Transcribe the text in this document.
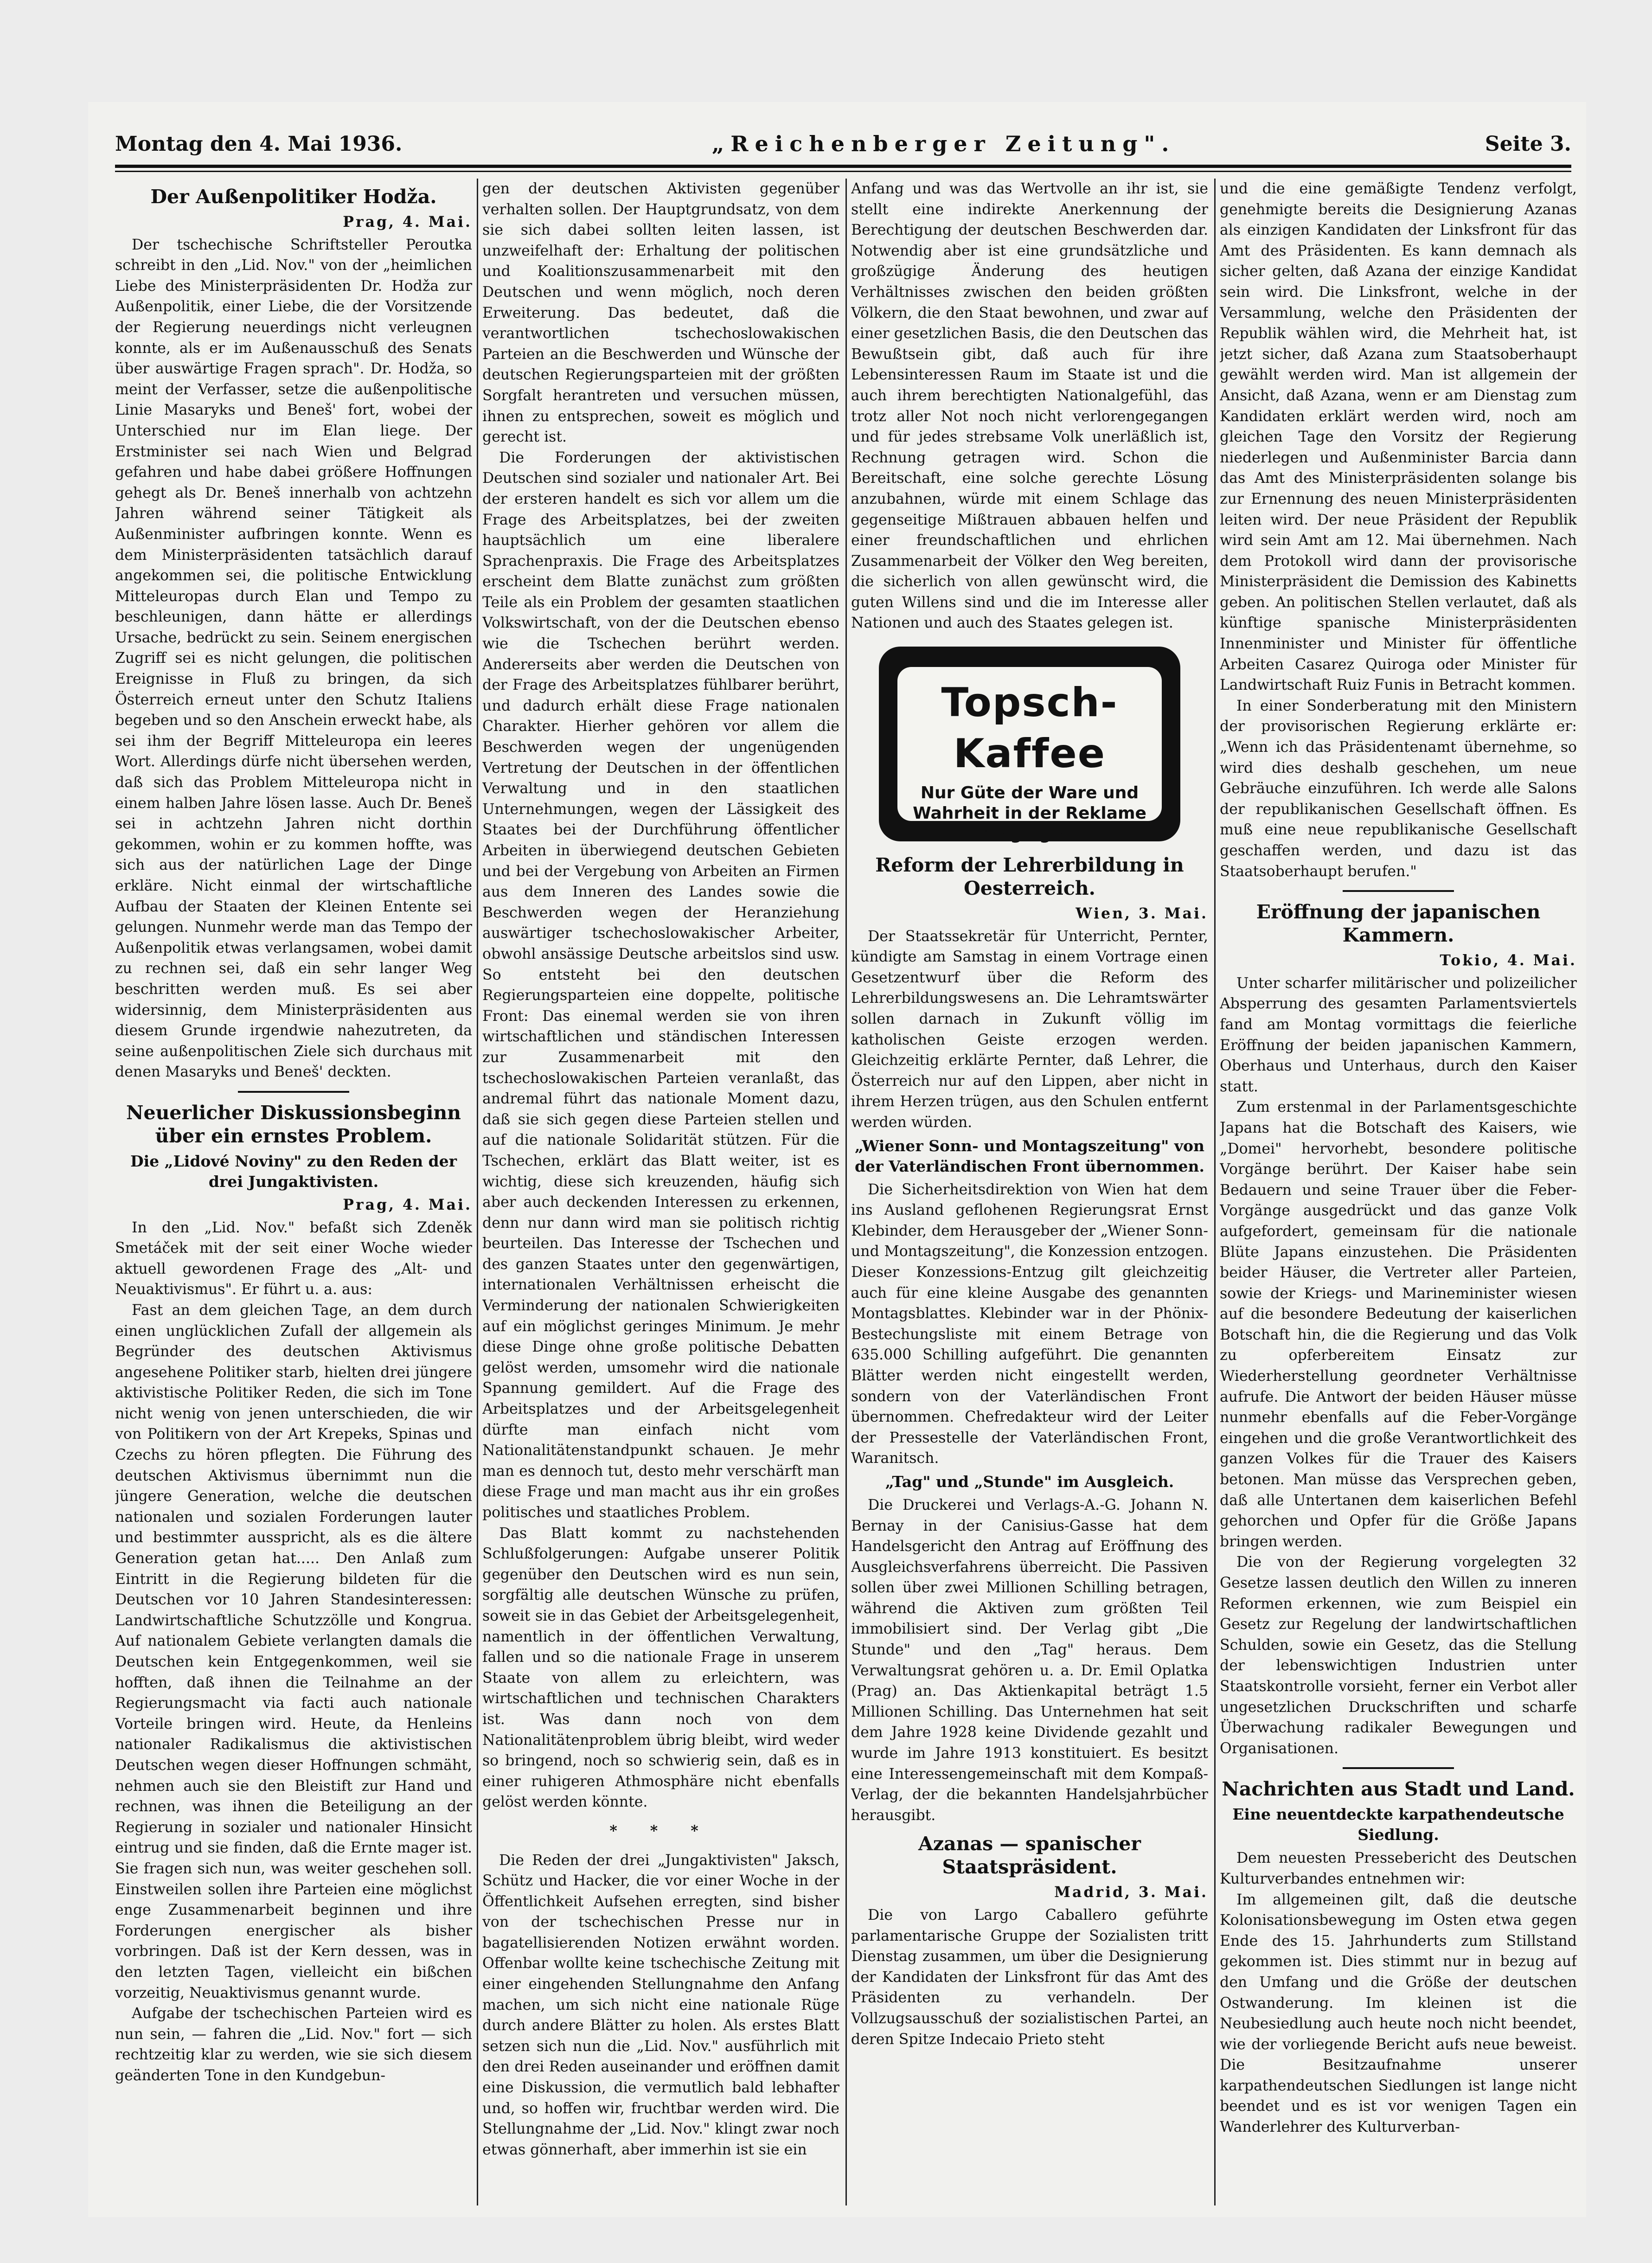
Montag den 4. Mai 1936.	„Reichenberger Zeitung".	Seite 3.
Der Außenpolitiker Hodža.
Prag, 4. Mai.

Der tschechische Schriftsteller Peroutka schreibt in den „Lid. Nov." von der „heimlichen Liebe des Ministerpräsidenten Dr. Hodža zur Außenpolitik, einer Liebe, die der Vorsitzende der Regierung neuerdings nicht verleugnen konnte, als er im Außenausschuß des Senats über auswärtige Fragen sprach". Dr. Hodža, so meint der Verfasser, setze die außenpolitische Linie Masaryks und Beneš' fort, wobei der Unterschied nur im Elan liege. Der Erstminister sei nach Wien und Belgrad gefahren und habe dabei größere Hoffnungen gehegt als Dr. Beneš innerhalb von achtzehn Jahren während seiner Tätigkeit als Außenminister aufbringen konnte. Wenn es dem Ministerpräsidenten tatsächlich darauf angekommen sei, die politische Entwicklung Mitteleuropas durch Elan und Tempo zu beschleunigen, dann hätte er allerdings Ursache, bedrückt zu sein. Seinem energischen Zugriff sei es nicht gelungen, die politischen Ereignisse in Fluß zu bringen, da sich Österreich erneut unter den Schutz Italiens begeben und so den Anschein erweckt habe, als sei ihm der Begriff Mitteleuropa ein leeres Wort. Allerdings dürfe nicht übersehen werden, daß sich das Problem Mitteleuropa nicht in einem halben Jahre lösen lasse. Auch Dr. Beneš sei in achtzehn Jahren nicht dorthin gekommen, wohin er zu kommen hoffte, was sich aus der natürlichen Lage der Dinge erkläre. Nicht einmal der wirtschaftliche Aufbau der Staaten der Kleinen Entente sei gelungen. Nunmehr werde man das Tempo der Außenpolitik etwas verlangsamen, wobei damit zu rechnen sei, daß ein sehr langer Weg beschritten werden muß. Es sei aber widersinnig, dem Ministerpräsidenten aus diesem Grunde irgendwie nahezutreten, da seine außenpolitischen Ziele sich durchaus mit denen Masaryks und Beneš' deckten.

Neuerlicher Diskussionsbeginn über ein ernstes Problem.
Die „Lidové Noviny" zu den Reden der drei Jungaktivisten.
Prag, 4. Mai.

In den „Lid. Nov." befaßt sich Zdeněk Smetáček mit der seit einer Woche wieder aktuell gewordenen Frage des „Alt- und Neuaktivismus". Er führt u. a. aus:

Fast an dem gleichen Tage, an dem durch einen unglücklichen Zufall der allgemein als Begründer des deutschen Aktivismus angesehene Politiker starb, hielten drei jüngere aktivistische Politiker Reden, die sich im Tone nicht wenig von jenen unterschieden, die wir von Politikern von der Art Krepeks, Spinas und Czechs zu hören pflegten. Die Führung des deutschen Aktivismus übernimmt nun die jüngere Generation, welche die deutschen nationalen und sozialen Forderungen lauter und bestimmter ausspricht, als es die ältere Generation getan hat..... Den Anlaß zum Eintritt in die Regierung bildeten für die Deutschen vor 10 Jahren Standesinteressen: Landwirtschaftliche Schutzzölle und Kongrua. Auf nationalem Gebiete verlangten damals die Deutschen kein Entgegenkommen, weil sie hofften, daß ihnen die Teilnahme an der Regierungsmacht via facti auch nationale Vorteile bringen wird. Heute, da Henleins nationaler Radikalismus die aktivistischen Deutschen wegen dieser Hoffnungen schmäht, nehmen auch sie den Bleistift zur Hand und rechnen, was ihnen die Beteiligung an der Regierung in sozialer und nationaler Hinsicht eintrug und sie finden, daß die Ernte mager ist. Sie fragen sich nun, was weiter geschehen soll. Einstweilen sollen ihre Parteien eine möglichst enge Zusammenarbeit beginnen und ihre Forderungen energischer als bisher vorbringen. Daß ist der Kern dessen, was in den letzten Tagen, vielleicht ein bißchen vorzeitig, Neuaktivismus genannt wurde.

Aufgabe der tschechischen Parteien wird es nun sein, — fahren die „Lid. Nov." fort — sich rechtzeitig klar zu werden, wie sie sich diesem geänderten Tone in den Kundgebun-

gen der deutschen Aktivisten gegenüber verhalten sollen. Der Hauptgrundsatz, von dem sie sich dabei sollten leiten lassen, ist unzweifelhaft der: Erhaltung der politischen und Koalitionszusammenarbeit mit den Deutschen und wenn möglich, noch deren Erweiterung. Das bedeutet, daß die verantwortlichen tschechoslowakischen Parteien an die Beschwerden und Wünsche der deutschen Regierungsparteien mit der größten Sorgfalt herantreten und versuchen müssen, ihnen zu entsprechen, soweit es möglich und gerecht ist.

Die Forderungen der aktivistischen Deutschen sind sozialer und nationaler Art. Bei der ersteren handelt es sich vor allem um die Frage des Arbeitsplatzes, bei der zweiten hauptsächlich um eine liberalere Sprachenpraxis. Die Frage des Arbeitsplatzes erscheint dem Blatte zunächst zum größten Teile als ein Problem der gesamten staatlichen Volkswirtschaft, von der die Deutschen ebenso wie die Tschechen berührt werden. Andererseits aber werden die Deutschen von der Frage des Arbeitsplatzes fühlbarer berührt, und dadurch erhält diese Frage nationalen Charakter. Hierher gehören vor allem die Beschwerden wegen der ungenügenden Vertretung der Deutschen in der öffentlichen Verwaltung und in den staatlichen Unternehmungen, wegen der Lässigkeit des Staates bei der Durchführung öffentlicher Arbeiten in überwiegend deutschen Gebieten und bei der Vergebung von Arbeiten an Firmen aus dem Inneren des Landes sowie die Beschwerden wegen der Heranziehung auswärtiger tschechoslowakischer Arbeiter, obwohl ansässige Deutsche arbeitslos sind usw. So entsteht bei den deutschen Regierungsparteien eine doppelte, politische Front: Das einemal werden sie von ihren wirtschaftlichen und ständischen Interessen zur Zusammenarbeit mit den tschechoslowakischen Parteien veranlaßt, das andremal führt das nationale Moment dazu, daß sie sich gegen diese Parteien stellen und auf die nationale Solidarität stützen. Für die Tschechen, erklärt das Blatt weiter, ist es wichtig, diese sich kreuzenden, häufig sich aber auch deckenden Interessen zu erkennen, denn nur dann wird man sie politisch richtig beurteilen. Das Interesse der Tschechen und des ganzen Staates unter den gegenwärtigen, internationalen Verhältnissen erheischt die Verminderung der nationalen Schwierigkeiten auf ein möglichst geringes Minimum. Je mehr diese Dinge ohne große politische Debatten gelöst werden, umsomehr wird die nationale Spannung gemildert. Auf die Frage des Arbeitsplatzes und der Arbeitsgelegenheit dürfte man einfach nicht vom Nationalitätenstandpunkt schauen. Je mehr man es dennoch tut, desto mehr verschärft man diese Frage und man macht aus ihr ein großes politisches und staatliches Problem.

Das Blatt kommt zu nachstehenden Schlußfolgerungen: Aufgabe unserer Politik gegenüber den Deutschen wird es nun sein, sorgfältig alle deutschen Wünsche zu prüfen, soweit sie in das Gebiet der Arbeitsgelegenheit, namentlich in der öffentlichen Verwaltung, fallen und so die nationale Frage in unserem Staate von allem zu erleichtern, was wirtschaftlichen und technischen Charakters ist. Was dann noch von dem Nationalitätenproblem übrig bleibt, wird weder so bringend, noch so schwierig sein, daß es in einer ruhigeren Athmosphäre nicht ebenfalls gelöst werden könnte.

* * *

Die Reden der drei „Jungaktivisten" Jaksch, Schütz und Hacker, die vor einer Woche in der Öffentlichkeit Aufsehen erregten, sind bisher von der tschechischen Presse nur in bagatellisierenden Notizen erwähnt worden. Offenbar wollte keine tschechische Zeitung mit einer eingehenden Stellungnahme den Anfang machen, um sich nicht eine nationale Rüge durch andere Blätter zu holen. Als erstes Blatt setzen sich nun die „Lid. Nov." ausführlich mit den drei Reden auseinander und eröffnen damit eine Diskussion, die vermutlich bald lebhafter und, so hoffen wir, fruchtbar werden wird. Die Stellungnahme der „Lid. Nov." klingt zwar noch etwas gönnerhaft, aber immerhin ist sie ein

Anfang und was das Wertvolle an ihr ist, sie stellt eine indirekte Anerkennung der Berechtigung der deutschen Beschwerden dar. Notwendig aber ist eine grundsätzliche und großzügige Änderung des heutigen Verhältnisses zwischen den beiden größten Völkern, die den Staat bewohnen, und zwar auf einer gesetzlichen Basis, die den Deutschen das Bewußtsein gibt, daß auch für ihre Lebensinteressen Raum im Staate ist und die auch ihrem berechtigten Nationalgefühl, das trotz aller Not noch nicht verlorengegangen und für jedes strebsame Volk unerläßlich ist, Rechnung getragen wird. Schon die Bereitschaft, eine solche gerechte Lösung anzubahnen, würde mit einem Schlage das gegenseitige Mißtrauen abbauen helfen und einer freundschaftlichen und ehrlichen Zusammenarbeit der Völker den Weg bereiten, die sicherlich von allen gewünscht wird, die guten Willens sind und die im Interesse aller Nationen und auch des Staates gelegen ist.

Topsch-Kaffee
Nur Güte der Ware und Wahrheit in der Reklame hat Erfolge gebracht.
Reform der Lehrerbildung in Oesterreich.
Wien, 3. Mai.

Der Staatssekretär für Unterricht, Pernter, kündigte am Samstag in einem Vortrage einen Gesetzentwurf über die Reform des Lehrerbildungswesens an. Die Lehramtswärter sollen darnach in Zukunft völlig im katholischen Geiste erzogen werden. Gleichzeitig erklärte Pernter, daß Lehrer, die Österreich nur auf den Lippen, aber nicht in ihrem Herzen trügen, aus den Schulen entfernt werden würden.

„Wiener Sonn- und Montagszeitung" von der Vaterländischen Front übernommen.

Die Sicherheitsdirektion von Wien hat dem ins Ausland geflohenen Regierungsrat Ernst Klebinder, dem Herausgeber der „Wiener Sonn- und Montagszeitung", die Konzession entzogen. Dieser Konzessions-Entzug gilt gleichzeitig auch für eine kleine Ausgabe des genannten Montagsblattes. Klebinder war in der Phönix-Bestechungsliste mit einem Betrage von 635.000 Schilling aufgeführt. Die genannten Blätter werden nicht eingestellt werden, sondern von der Vaterländischen Front übernommen. Chefredakteur wird der Leiter der Pressestelle der Vaterländischen Front, Waranitsch.

„Tag" und „Stunde" im Ausgleich.

Die Druckerei und Verlags-A.-G. Johann N. Bernay in der Canisius-Gasse hat dem Handelsgericht den Antrag auf Eröffnung des Ausgleichsverfahrens überreicht. Die Passiven sollen über zwei Millionen Schilling betragen, während die Aktiven zum größten Teil immobilisiert sind. Der Verlag gibt „Die Stunde" und den „Tag" heraus. Dem Verwaltungsrat gehören u. a. Dr. Emil Oplatka (Prag) an. Das Aktienkapital beträgt 1.5 Millionen Schilling. Das Unternehmen hat seit dem Jahre 1928 keine Dividende gezahlt und wurde im Jahre 1913 konstituiert. Es besitzt eine Interessengemeinschaft mit dem Kompaß-Verlag, der die bekannten Handelsjahrbücher herausgibt.

Azanas — spanischer Staatspräsident.
Madrid, 3. Mai.

Die von Largo Caballero geführte parlamentarische Gruppe der Sozialisten tritt Dienstag zusammen, um über die Designierung der Kandidaten der Linksfront für das Amt des Präsidenten zu verhandeln. Der Vollzugsausschuß der sozialistischen Partei, an deren Spitze Indecaio Prieto steht

und die eine gemäßigte Tendenz verfolgt, genehmigte bereits die Designierung Azanas als einzigen Kandidaten der Linksfront für das Amt des Präsidenten. Es kann demnach als sicher gelten, daß Azana der einzige Kandidat sein wird. Die Linksfront, welche in der Versammlung, welche den Präsidenten der Republik wählen wird, die Mehrheit hat, ist jetzt sicher, daß Azana zum Staatsoberhaupt gewählt werden wird. Man ist allgemein der Ansicht, daß Azana, wenn er am Dienstag zum Kandidaten erklärt werden wird, noch am gleichen Tage den Vorsitz der Regierung niederlegen und Außenminister Barcia dann das Amt des Ministerpräsidenten solange bis zur Ernennung des neuen Ministerpräsidenten leiten wird. Der neue Präsident der Republik wird sein Amt am 12. Mai übernehmen. Nach dem Protokoll wird dann der provisorische Ministerpräsident die Demission des Kabinetts geben. An politischen Stellen verlautet, daß als künftige spanische Ministerpräsidenten Innenminister und Minister für öffentliche Arbeiten Casarez Quiroga oder Minister für Landwirtschaft Ruiz Funis in Betracht kommen.

In einer Sonderberatung mit den Ministern der provisorischen Regierung erklärte er: „Wenn ich das Präsidentenamt übernehme, so wird dies deshalb geschehen, um neue Gebräuche einzuführen. Ich werde alle Salons der republikanischen Gesellschaft öffnen. Es muß eine neue republikanische Gesellschaft geschaffen werden, und dazu ist das Staatsoberhaupt berufen."

Eröffnung der japanischen Kammern.
Tokio, 4. Mai.

Unter scharfer militärischer und polizeilicher Absperrung des gesamten Parlamentsviertels fand am Montag vormittags die feierliche Eröffnung der beiden japanischen Kammern, Oberhaus und Unterhaus, durch den Kaiser statt.

Zum erstenmal in der Parlamentsgeschichte Japans hat die Botschaft des Kaisers, wie „Domei" hervorhebt, besondere politische Vorgänge berührt. Der Kaiser habe sein Bedauern und seine Trauer über die Feber-Vorgänge ausgedrückt und das ganze Volk aufgefordert, gemeinsam für die nationale Blüte Japans einzustehen. Die Präsidenten beider Häuser, die Vertreter aller Parteien, sowie der Kriegs- und Marineminister wiesen auf die besondere Bedeutung der kaiserlichen Botschaft hin, die die Regierung und das Volk zu opferbereitem Einsatz zur Wiederherstellung geordneter Verhältnisse aufrufe. Die Antwort der beiden Häuser müsse nunmehr ebenfalls auf die Feber-Vorgänge eingehen und die große Verantwortlichkeit des ganzen Volkes für die Trauer des Kaisers betonen. Man müsse das Versprechen geben, daß alle Untertanen dem kaiserlichen Befehl gehorchen und Opfer für die Größe Japans bringen werden.

Die von der Regierung vorgelegten 32 Gesetze lassen deutlich den Willen zu inneren Reformen erkennen, wie zum Beispiel ein Gesetz zur Regelung der landwirtschaftlichen Schulden, sowie ein Gesetz, das die Stellung der lebenswichtigen Industrien unter Staatskontrolle vorsieht, ferner ein Verbot aller ungesetzlichen Druckschriften und scharfe Überwachung radikaler Bewegungen und Organisationen.

Nachrichten aus Stadt und Land.
Eine neuentdeckte karpathendeutsche Siedlung.

Dem neuesten Pressebericht des Deutschen Kulturverbandes entnehmen wir:

Im allgemeinen gilt, daß die deutsche Kolonisationsbewegung im Osten etwa gegen Ende des 15. Jahrhunderts zum Stillstand gekommen ist. Dies stimmt nur in bezug auf den Umfang und die Größe der deutschen Ostwanderung. Im kleinen ist die Neubesiedlung auch heute noch nicht beendet, wie der vorliegende Bericht aufs neue beweist. Die Besitzaufnahme unserer karpathendeutschen Siedlungen ist lange nicht beendet und es ist vor wenigen Tagen ein Wanderlehrer des Kulturverban-
